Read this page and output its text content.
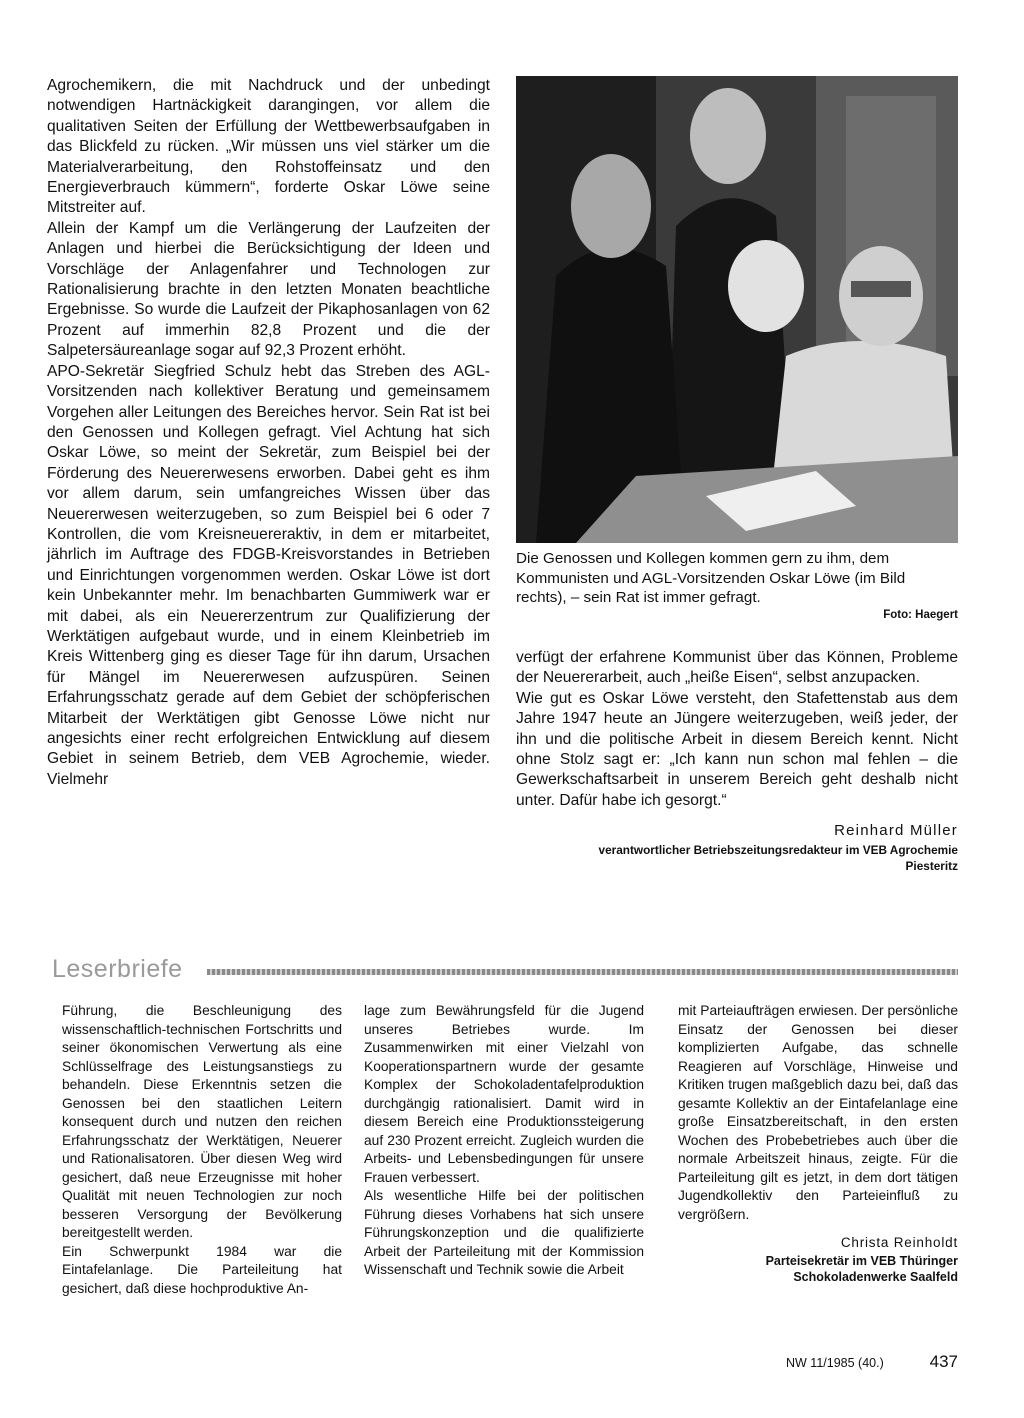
Agrochemikern, die mit Nachdruck und der unbedingt notwendigen Hartnäckigkeit darangingen, vor allem die qualitativen Seiten der Erfüllung der Wettbewerbsaufgaben in das Blickfeld zu rücken. „Wir müssen uns viel stärker um die Materialverarbeitung, den Rohstoffeinsatz und den Energieverbrauch kümmern“, forderte Oskar Löwe seine Mitstreiter auf.

Allein der Kampf um die Verlängerung der Laufzeiten der Anlagen und hierbei die Berücksichtigung der Ideen und Vorschläge der Anlagenfahrer und Technologen zur Rationalisierung brachte in den letzten Monaten beachtliche Ergebnisse. So wurde die Laufzeit der Pikaphosanlagen von 62 Prozent auf immerhin 82,8 Prozent und die der Salpetersäureanlage sogar auf 92,3 Prozent erhöht.

APO-Sekretär Siegfried Schulz hebt das Streben des AGL-Vorsitzenden nach kollektiver Beratung und gemeinsamem Vorgehen aller Leitungen des Bereiches hervor. Sein Rat ist bei den Genossen und Kollegen gefragt. Viel Achtung hat sich Oskar Löwe, so meint der Sekretär, zum Beispiel bei der Förderung des Neuererwesens erworben. Dabei geht es ihm vor allem darum, sein umfangreiches Wissen über das Neuererwesen weiterzugeben, so zum Beispiel bei 6 oder 7 Kontrollen, die vom Kreisneuereraktiv, in dem er mitarbeitet, jährlich im Auftrage des FDGB-Kreisvorstandes in Betrieben und Einrichtungen vorgenommen werden. Oskar Löwe ist dort kein Unbekannter mehr. Im benachbarten Gummiwerk war er mit dabei, als ein Neuererzentrum zur Qualifizierung der Werktätigen aufgebaut wurde, und in einem Kleinbetrieb im Kreis Wittenberg ging es dieser Tage für ihn darum, Ursachen für Mängel im Neuererwesen aufzuspüren. Seinen Erfahrungsschatz gerade auf dem Gebiet der schöpferischen Mitarbeit der Werktätigen gibt Genosse Löwe nicht nur angesichts einer recht erfolgreichen Entwicklung auf diesem Gebiet in seinem Betrieb, dem VEB Agrochemie, wieder. Vielmehr

Die Genossen und Kollegen kommen gern zu ihm, dem Kommunisten und AGL-Vorsitzenden Oskar Löwe (im Bild rechts), – sein Rat ist immer gefragt.
Foto: Haegert

verfügt der erfahrene Kommunist über das Können, Probleme der Neuererarbeit, auch „heiße Eisen“, selbst anzupacken.

Wie gut es Oskar Löwe versteht, den Stafettenstab aus dem Jahre 1947 heute an Jüngere weiterzugeben, weiß jeder, der ihn und die politische Arbeit in diesem Bereich kennt. Nicht ohne Stolz sagt er: „Ich kann nun schon mal fehlen – die Gewerkschaftsarbeit in unserem Bereich geht deshalb nicht unter. Dafür habe ich gesorgt.“

Reinhard Müller
verantwortlicher Betriebszeitungsredakteur im VEB Agrochemie
Piesteritz
Leserbriefe

Führung, die Beschleunigung des wissenschaftlich-technischen Fortschritts und seiner ökonomischen Verwertung als eine Schlüsselfrage des Leistungsanstiegs zu behandeln. Diese Erkenntnis setzen die Genossen bei den staatlichen Leitern konsequent durch und nutzen den reichen Erfahrungsschatz der Werktätigen, Neuerer und Rationalisatoren. Über diesen Weg wird gesichert, daß neue Erzeugnisse mit hoher Qualität mit neuen Technologien zur noch besseren Versorgung der Bevölkerung bereitgestellt werden.

Ein Schwerpunkt 1984 war die Eintafelanlage. Die Parteileitung hat gesichert, daß diese hochproduktive An-

lage zum Bewährungsfeld für die Jugend unseres Betriebes wurde. Im Zusammenwirken mit einer Vielzahl von Kooperationspartnern wurde der gesamte Komplex der Schokoladentafelproduktion durchgängig rationalisiert. Damit wird in diesem Bereich eine Produktionssteigerung auf 230 Prozent erreicht. Zugleich wurden die Arbeits- und Lebensbedingungen für unsere Frauen verbessert.

Als wesentliche Hilfe bei der politischen Führung dieses Vorhabens hat sich unsere Führungskonzeption und die qualifizierte Arbeit der Parteileitung mit der Kommission Wissenschaft und Technik sowie die Arbeit

mit Parteiaufträgen erwiesen. Der persönliche Einsatz der Genossen bei dieser komplizierten Aufgabe, das schnelle Reagieren auf Vorschläge, Hinweise und Kritiken trugen maßgeblich dazu bei, daß das gesamte Kollektiv an der Eintafelanlage eine große Einsatzbereitschaft, in den ersten Wochen des Probebetriebes auch über die normale Arbeitszeit hinaus, zeigte. Für die Parteileitung gilt es jetzt, in dem dort tätigen Jugendkollektiv den Parteieinfluß zu vergrößern.

Christa Reinholdt
Parteisekretär im VEB Thüringer
Schokoladenwerke Saalfeld
NW 11/1985 (40.)	437
